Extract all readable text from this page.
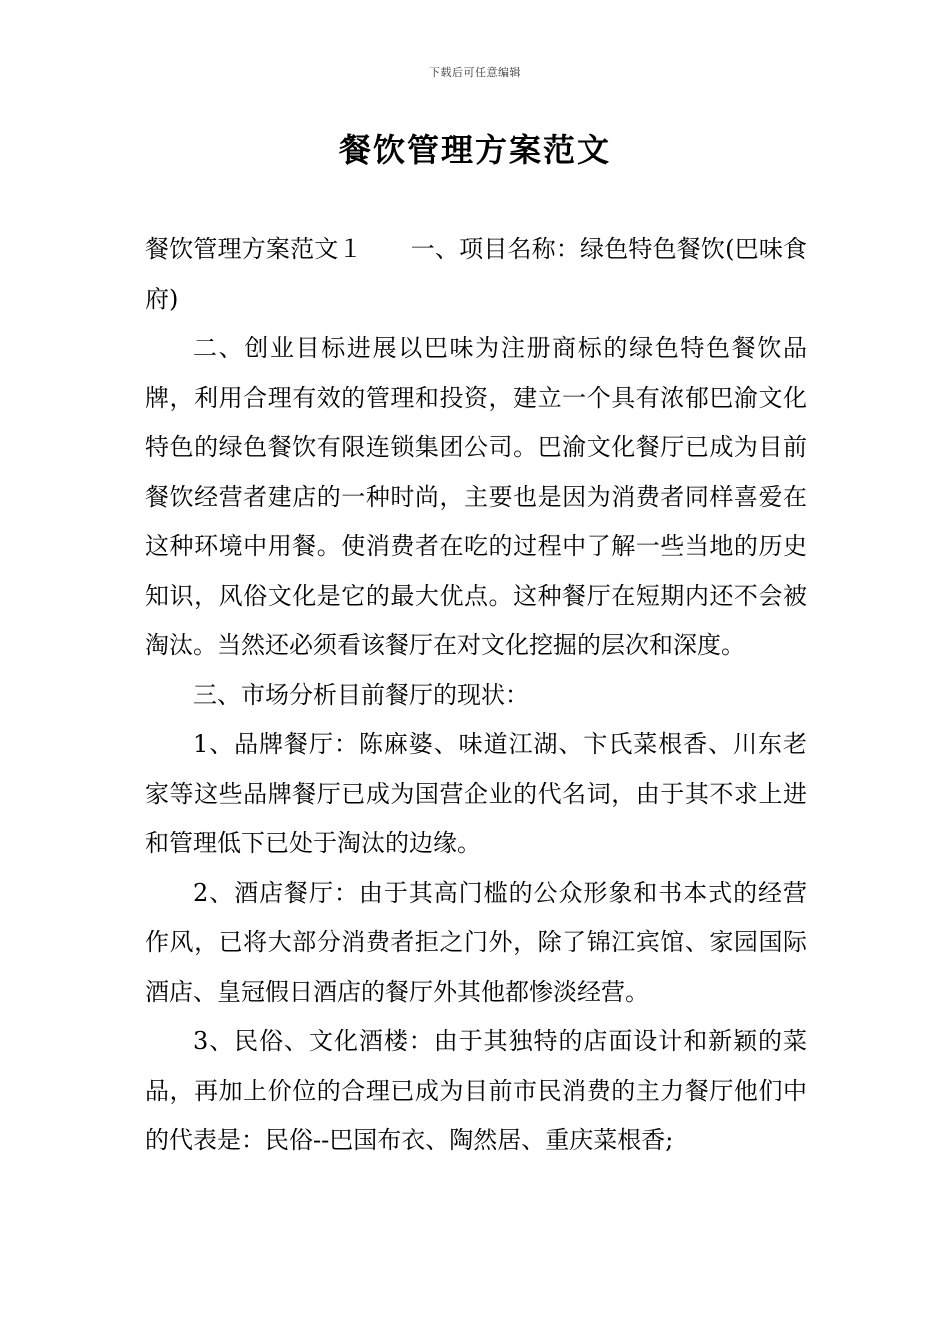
下载后可任意编辑
餐饮管理方案范文

餐饮管理方案范文１ 一、项目名称：绿色特色餐饮(巴味食府)

二、创业目标进展以巴味为注册商标的绿色特色餐饮品牌，利用合理有效的管理和投资，建立一个具有浓郁巴渝文化特色的绿色餐饮有限连锁集团公司。巴渝文化餐厅已成为目前餐饮经营者建店的一种时尚，主要也是因为消费者同样喜爱在这种环境中用餐。使消费者在吃的过程中了解一些当地的历史知识，风俗文化是它的最大优点。这种餐厅在短期内还不会被淘汰。当然还必须看该餐厅在对文化挖掘的层次和深度。

三、市场分析目前餐厅的现状：

1、品牌餐厅：陈麻婆、味道江湖、卞氏菜根香、川东老家等这些品牌餐厅已成为国营企业的代名词，由于其不求上进和管理低下已处于淘汰的边缘。

2、酒店餐厅：由于其高门槛的公众形象和书本式的经营作风，已将大部分消费者拒之门外，除了锦江宾馆、家园国际酒店、皇冠假日酒店的餐厅外其他都惨淡经营。

3、民俗、文化酒楼：由于其独特的店面设计和新颖的菜品，再加上价位的合理已成为目前市民消费的主力餐厅他们中的代表是：民俗--巴国布衣、陶然居、重庆菜根香;
